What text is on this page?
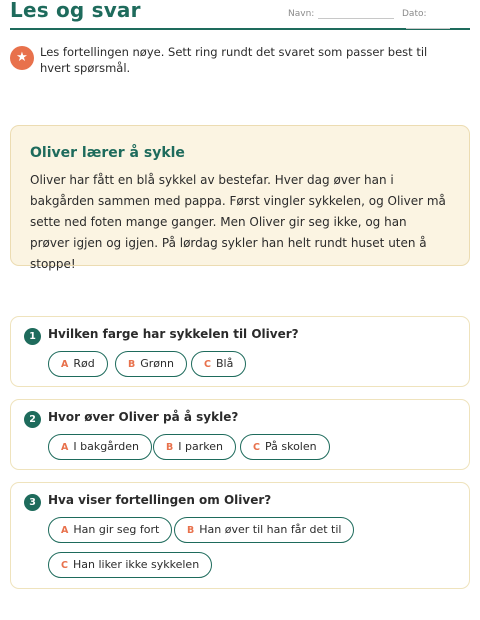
Les og svar	Navn:	Dato:
★	Les fortellingen nøye. Sett ring rundt det svaret som passer best til hvert spørsmål.
Oliver lærer å sykle
Oliver har fått en blå sykkel av bestefar. Hver dag øver han i bakgården sammen med pappa. Først vingler sykkelen, og Oliver må sette ned foten mange ganger. Men Oliver gir seg ikke, og han prøver igjen og igjen. På lørdag sykler han helt rundt huset uten å stoppe!
1	Hvilken farge har sykkelen til Oliver?
A Rød	B Grønn	C Blå
2	Hvor øver Oliver på å sykle?
A I bakgården	B I parken	C På skolen
3	Hva viser fortellingen om Oliver?
A Han gir seg fort	B Han øver til han får det til
C Han liker ikke sykkelen
